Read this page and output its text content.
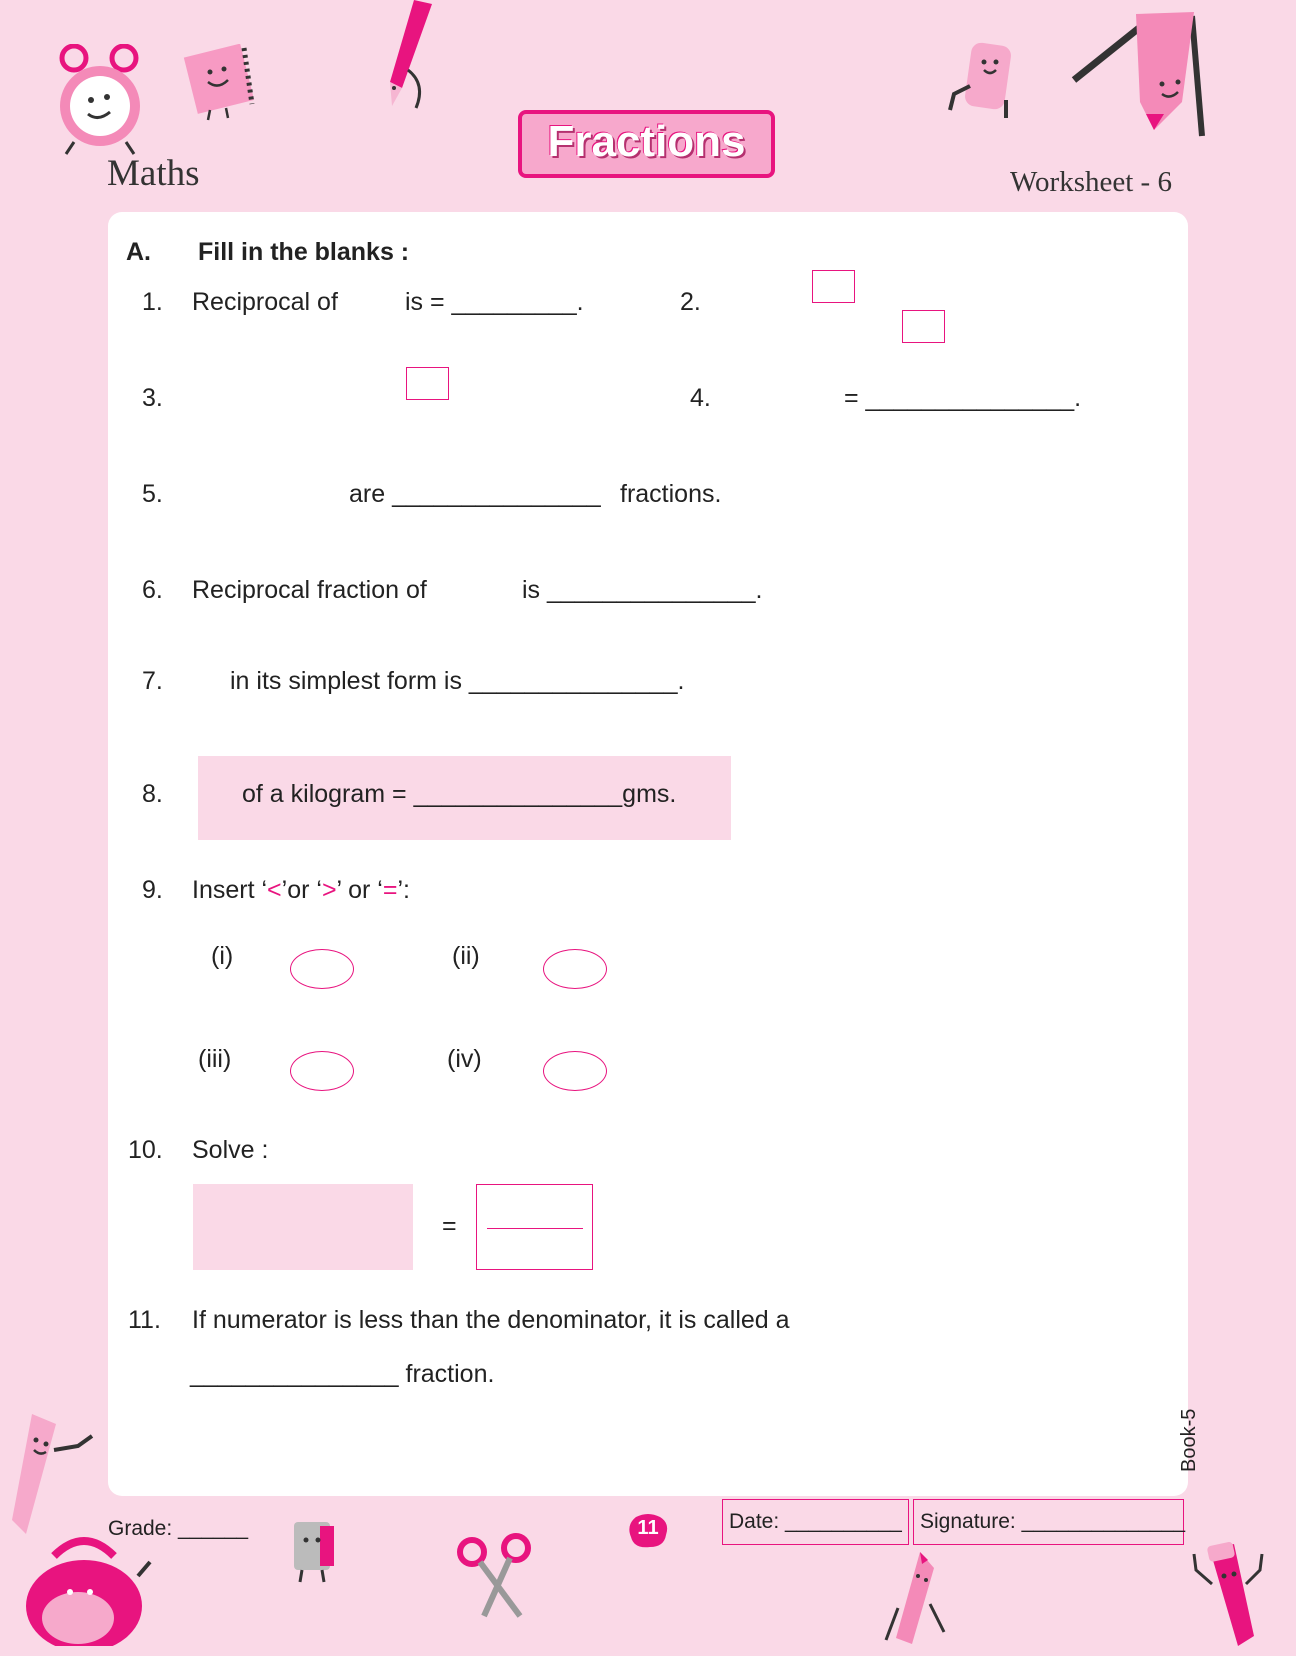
Maths
Fractions
Worksheet - 6
A. Fill in the blanks :
1. Reciprocal of	is = _________.	2.
3.	4.	= _______________.
5.	are _______________ fractions.
6. Reciprocal fraction of	is _______________.
7.	in its simplest form is _______________.
8.	of a kilogram = _______________gms.
9. Insert ‘<’or ‘>’ or ‘=’:
(i)	(ii)
(iii)	(iv)
10. Solve :
=
11. If numerator is less than the denominator, it is called a
_______________ fraction.
Book-5
Grade: ______	11	Date: __________ Signature: ______________
